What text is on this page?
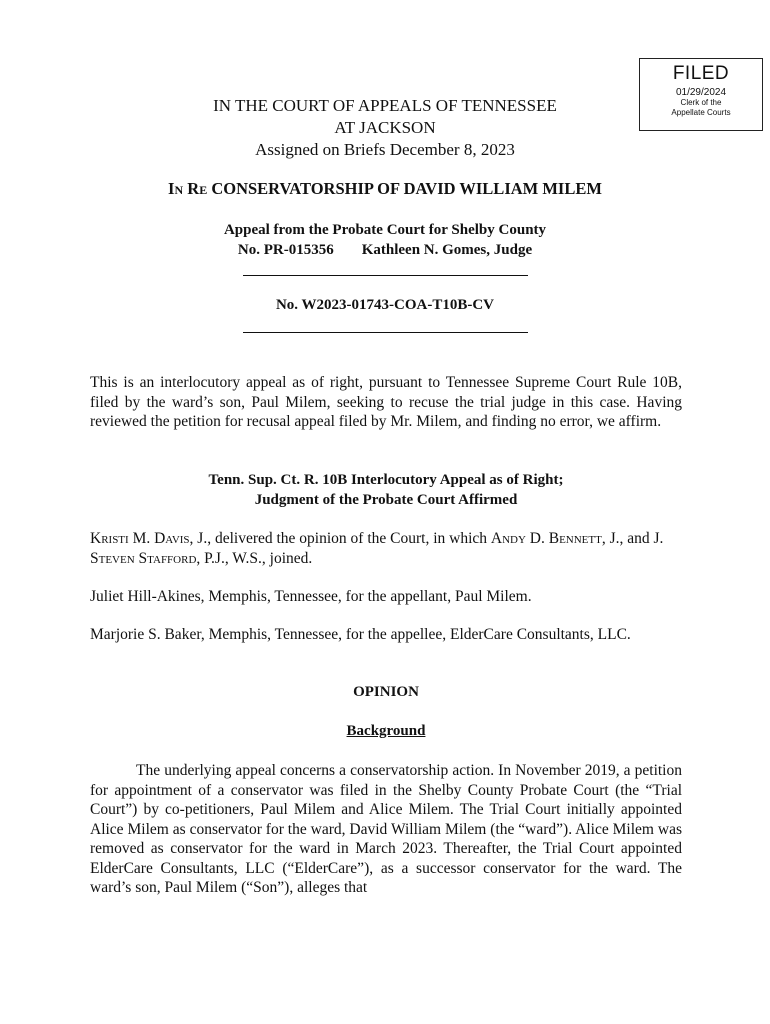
FILED
01/29/2024
Clerk of the
Appellate Courts
IN THE COURT OF APPEALS OF TENNESSEE
AT JACKSON
Assigned on Briefs December 8, 2023
IN RE CONSERVATORSHIP OF DAVID WILLIAM MILEM
Appeal from the Probate Court for Shelby County
No. PR-015356 Kathleen N. Gomes, Judge
No. W2023-01743-COA-T10B-CV
This is an interlocutory appeal as of right, pursuant to Tennessee Supreme Court Rule 10B, filed by the ward’s son, Paul Milem, seeking to recuse the trial judge in this case. Having reviewed the petition for recusal appeal filed by Mr. Milem, and finding no error, we affirm.
Tenn. Sup. Ct. R. 10B Interlocutory Appeal as of Right;
Judgment of the Probate Court Affirmed
Kristi M. Davis, J., delivered the opinion of the Court, in which Andy D. Bennett, J., and J. Steven Stafford, P.J., W.S., joined.
Juliet Hill-Akines, Memphis, Tennessee, for the appellant, Paul Milem.
Marjorie S. Baker, Memphis, Tennessee, for the appellee, ElderCare Consultants, LLC.
OPINION
Background
The underlying appeal concerns a conservatorship action. In November 2019, a petition for appointment of a conservator was filed in the Shelby County Probate Court (the “Trial Court”) by co-petitioners, Paul Milem and Alice Milem. The Trial Court initially appointed Alice Milem as conservator for the ward, David William Milem (the “ward”). Alice Milem was removed as conservator for the ward in March 2023. Thereafter, the Trial Court appointed ElderCare Consultants, LLC (“ElderCare”), as a successor conservator for the ward. The ward’s son, Paul Milem (“Son”), alleges that
